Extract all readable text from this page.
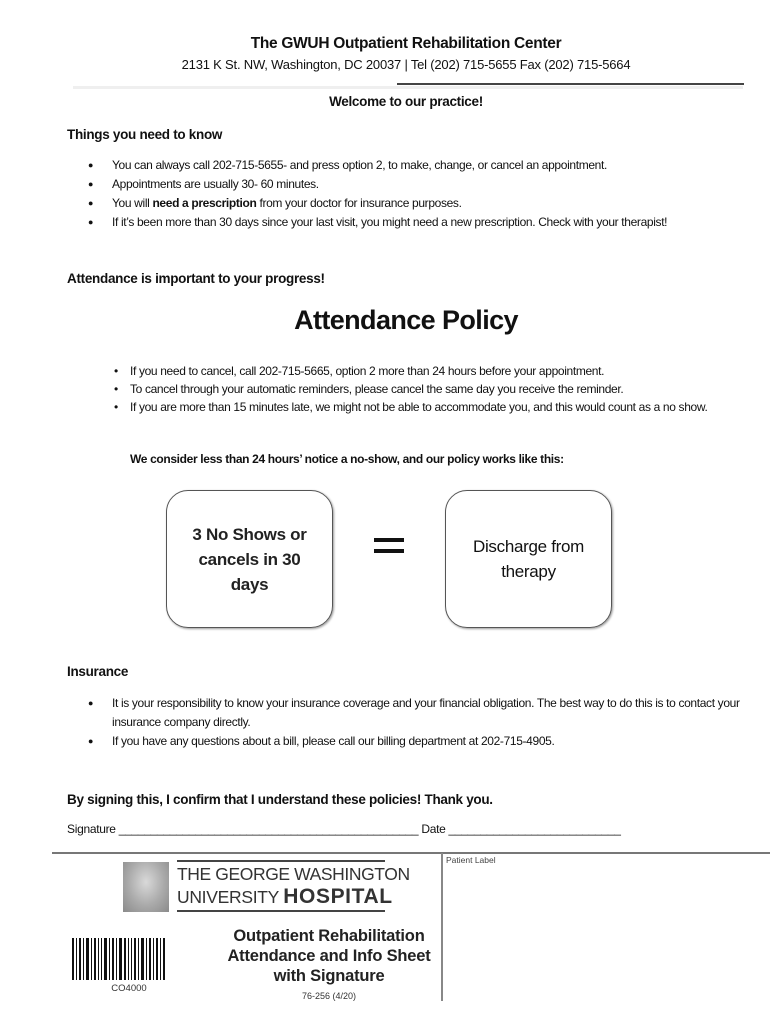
The GWUH Outpatient Rehabilitation Center
2131 K St. NW, Washington, DC 20037 | Tel (202) 715-5655 Fax (202) 715-5664
Welcome to our practice!
Things you need to know
● You can always call 202-715-5655- and press option 2, to make, change, or cancel an appointment.
● Appointments are usually 30- 60 minutes.
● You will need a prescription from your doctor for insurance purposes.
● If it’s been more than 30 days since your last visit, you might need a new prescription. Check with your therapist!
Attendance is important to your progress!
Attendance Policy
• If you need to cancel, call 202-715-5665, option 2 more than 24 hours before your appointment.
• To cancel through your automatic reminders, please cancel the same day you receive the reminder.
• If you are more than 15 minutes late, we might not be able to accommodate you, and this would count as a no show.
We consider less than 24 hours’ notice a no-show, and our policy works like this:
3 No Shows or cancels in 30 days
Discharge from therapy
Insurance
● It is your responsibility to know your insurance coverage and your financial obligation. The best way to do this is to contact your insurance company directly.
● If you have any questions about a bill, please call our billing department at 202-715-4905.
By signing this, I confirm that I understand these policies! Thank you.
Signature _______________________________________________ Date ___________________________
Patient Label
THE GEORGE WASHINGTON
UNIVERSITY HOSPITAL
CO4000
Outpatient Rehabilitation Attendance and Info Sheet with Signature
76-256 (4/20)
